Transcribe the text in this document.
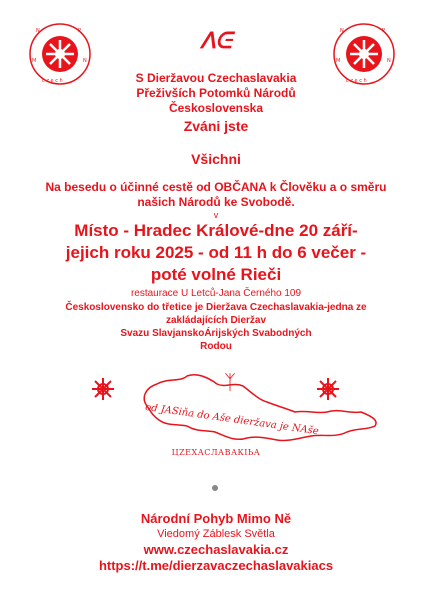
N	P
M	N
c z e c h
N	P
M	N
c z e c h
ᐱᕮ
S Dieržavou Czechaslavakia
Přeživších Potomků Národů
Československa
Zváni jste
Všichni
Na besedu o účinné cestě od OBČANA k Člověku a o směru
našich Národů ke Svobodě.
v
Místo - Hradec Králové-dne 20 září-
jejich roku 2025 - od 11 h do 6 večer -
poté volné Rieči
restaurace U Letců-Jana Černého 109
Československo do třetice je Dieržava Czechaslavakia-jedna ze
zakládajících Dieržav
Svazu SlavjanskoÁrijských Svabodných
Rodou
ᛉ
od JASiňa do Aše dieržava je NAše
ЦZЕХАСЛАВАКIЬА
Národní Pohyb Mimo Ně
Viedomý Záblesk Světla
www.czechaslavakia.cz
https://t.me/dierzavaczechaslavakiacs
